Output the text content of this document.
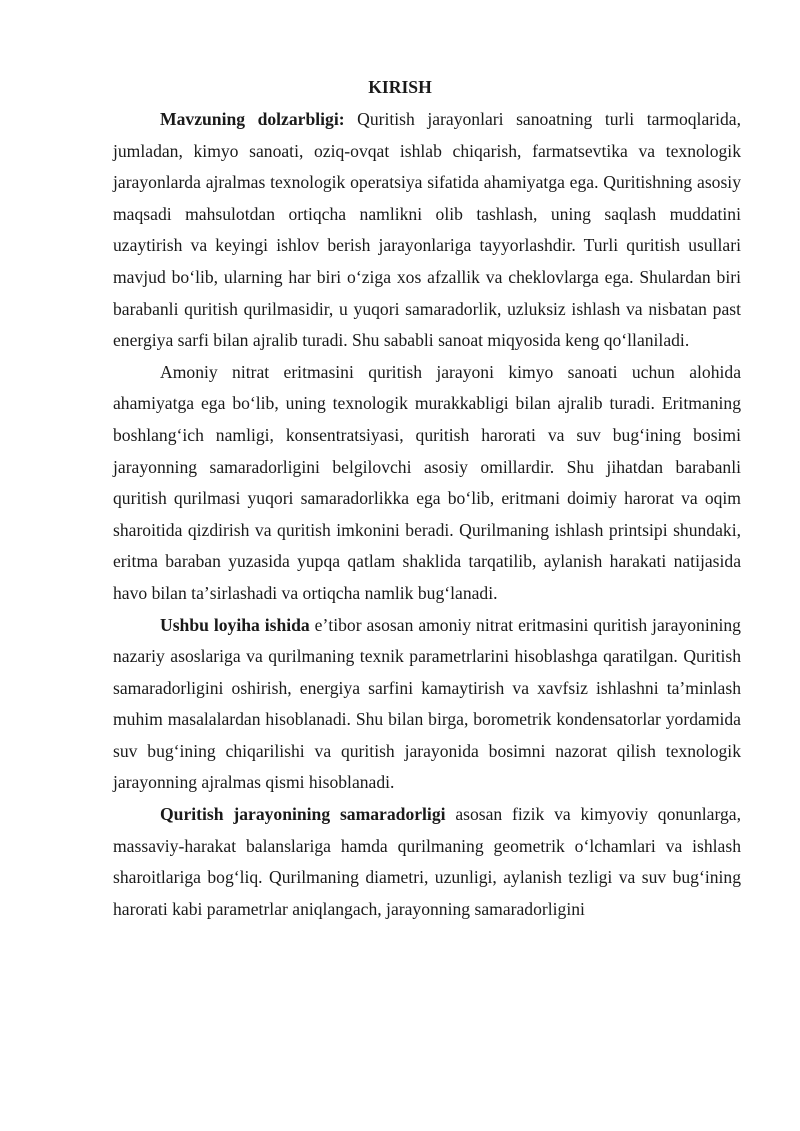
KIRISH

Mavzuning dolzarbligi: Quritish jarayonlari sanoatning turli tarmoqlarida, jumladan, kimyo sanoati, oziq-ovqat ishlab chiqarish, farmatsevtika va texnologik jarayonlarda ajralmas texnologik operatsiya sifatida ahamiyatga ega. Quritishning asosiy maqsadi mahsulotdan ortiqcha namlikni olib tashlash, uning saqlash muddatini uzaytirish va keyingi ishlov berish jarayonlariga tayyorlashdir. Turli quritish usullari mavjud boʻlib, ularning har biri oʻziga xos afzallik va cheklovlarga ega. Shulardan biri barabanli quritish qurilmasidir, u yuqori samaradorlik, uzluksiz ishlash va nisbatan past energiya sarfi bilan ajralib turadi. Shu sababli sanoat miqyosida keng qoʻllaniladi.

Amoniy nitrat eritmasini quritish jarayoni kimyo sanoati uchun alohida ahamiyatga ega boʻlib, uning texnologik murakkabligi bilan ajralib turadi. Eritmaning boshlangʻich namligi, konsentratsiyasi, quritish harorati va suv bugʻining bosimi jarayonning samaradorligini belgilovchi asosiy omillardir. Shu jihatdan barabanli quritish qurilmasi yuqori samaradorlikka ega boʻlib, eritmani doimiy harorat va oqim sharoitida qizdirish va quritish imkonini beradi. Qurilmaning ishlash printsipi shundaki, eritma baraban yuzasida yupqa qatlam shaklida tarqatilib, aylanish harakati natijasida havo bilan taʼsirlashadi va ortiqcha namlik bugʻlanadi.

Ushbu loyiha ishida eʼtibor asosan amoniy nitrat eritmasini quritish jarayonining nazariy asoslariga va qurilmaning texnik parametrlarini hisoblashga qaratilgan. Quritish samaradorligini oshirish, energiya sarfini kamaytirish va xavfsiz ishlashni taʼminlash muhim masalalardan hisoblanadi. Shu bilan birga, borometrik kondensatorlar yordamida suv bugʻining chiqarilishi va quritish jarayonida bosimni nazorat qilish texnologik jarayonning ajralmas qismi hisoblanadi.

Quritish jarayonining samaradorligi asosan fizik va kimyoviy qonunlarga, massaviy-harakat balanslariga hamda qurilmaning geometrik oʻlchamlari va ishlash sharoitlariga bogʻliq. Qurilmaning diametri, uzunligi, aylanish tezligi va suv bugʻining harorati kabi parametrlar aniqlangach, jarayonning samaradorligini
